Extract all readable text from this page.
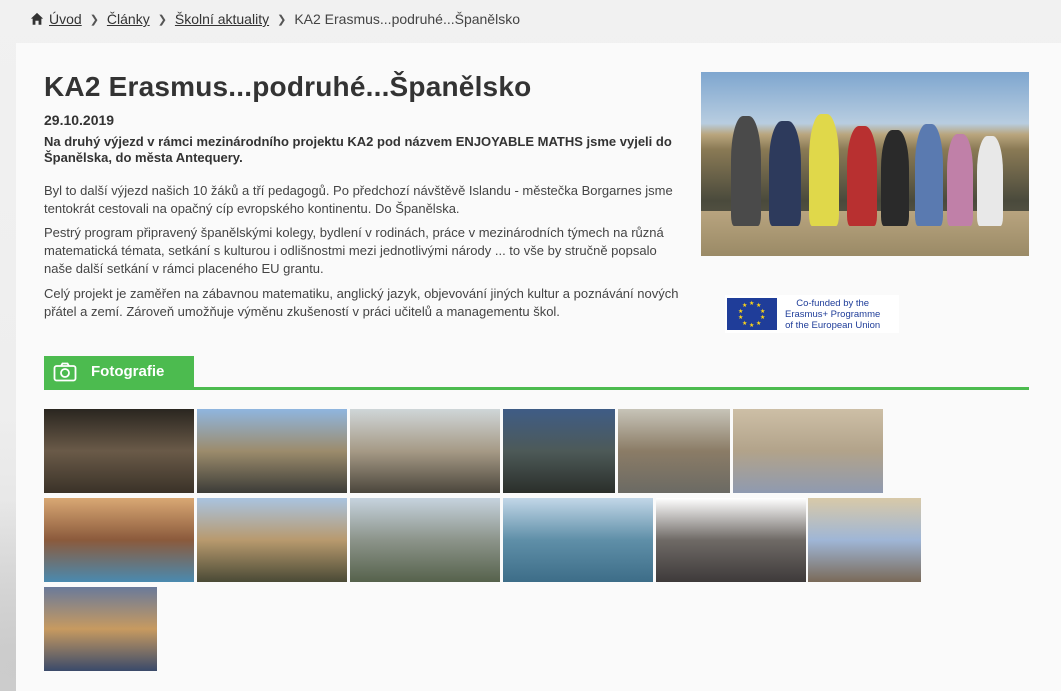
Úvod ❯ Články ❯ Školní aktuality ❯ KA2 Erasmus...podruhé...Španělsko
KA2 Erasmus...podruhé...Španělsko
29.10.2019

Na druhý výjezd v rámci mezinárodního projektu KA2 pod názvem ENJOYABLE MATHS jsme vyjeli do Španělska, do města Antequery.

Byl to další výjezd našich 10 žáků a tří pedagogů. Po předchozí návštěvě Islandu - městečka Borgarnes jsme tentokrát cestovali na opačný cíp evropského kontinentu. Do Španělska.

Pestrý program připravený španělskými kolegy, bydlení v rodinách, práce v mezinárodních týmech na různá matematická témata, setkání s kulturou i odlišnostmi mezi jednotlivými národy ... to vše by stručně popsalo naše další setkání v rámci placeného EU grantu.

Celý projekt je zaměřen na zábavnou matematiku, anglický jazyk, objevování jiných kultur a poznávání nových přátel a zemí. Zároveň umožňuje výměnu zkušeností v práci učitelů a managementu škol.	★ ★
★
★
★
★
★
★
★
★	Co-funded by the
Erasmus+ Programme
of the European Union
Fotografie
